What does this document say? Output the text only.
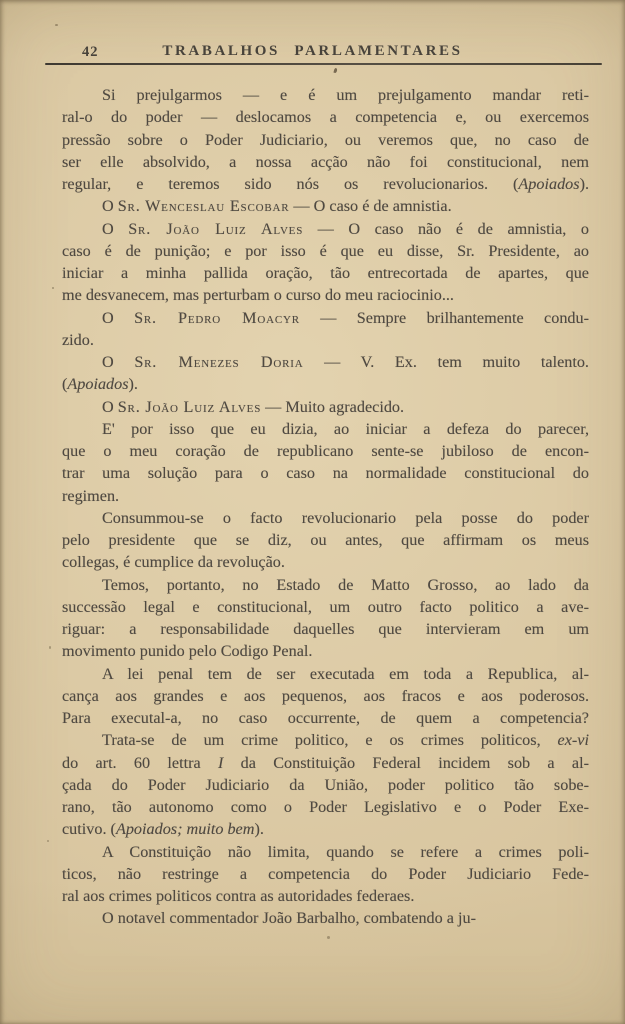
42	TRABALHOS PARLAMENTARES
Si prejulgarmos — e é um prejulgamento mandar reti-
ral-o do poder — deslocamos a competencia e, ou exercemos
pressão sobre o Poder Judiciario, ou veremos que, no caso de
ser elle absolvido, a nossa acção não foi constitucional, nem
regular, e teremos sido nós os revolucionarios. (Apoiados).
O Sr. Wenceslau Escobar — O caso é de amnistia.
O Sr. João Luiz Alves — O caso não é de amnistia, o
caso é de punição; e por isso é que eu disse, Sr. Presidente, ao
iniciar a minha pallida oração, tão entrecortada de apartes, que
me desvanecem, mas perturbam o curso do meu raciocinio...
O Sr. Pedro Moacyr — Sempre brilhantemente condu-
zido.
O Sr. Menezes Doria — V. Ex. tem muito talento.
(Apoiados).
O Sr. João Luiz Alves — Muito agradecido.
E' por isso que eu dizia, ao iniciar a defeza do parecer,
que o meu coração de republicano sente-se jubiloso de encon-
trar uma solução para o caso na normalidade constitucional do
regimen.
Consummou-se o facto revolucionario pela posse do poder
pelo presidente que se diz, ou antes, que affirmam os meus
collegas, é cumplice da revolução.
Temos, portanto, no Estado de Matto Grosso, ao lado da
successão legal e constitucional, um outro facto politico a ave-
riguar: a responsabilidade daquelles que intervieram em um
movimento punido pelo Codigo Penal.
A lei penal tem de ser executada em toda a Republica, al-
cança aos grandes e aos pequenos, aos fracos e aos poderosos.
Para executal-a, no caso occurrente, de quem a competencia?
Trata-se de um crime politico, e os crimes politicos, ex-vi
do art. 60 lettra I da Constituição Federal incidem sob a al-
çada do Poder Judiciario da União, poder politico tão sobe-
rano, tão autonomo como o Poder Legislativo e o Poder Exe-
cutivo. (Apoiados; muito bem).
A Constituição não limita, quando se refere a crimes poli-
ticos, não restringe a competencia do Poder Judiciario Fede-
ral aos crimes politicos contra as autoridades federaes.
O notavel commentador João Barbalho, combatendo a ju-
